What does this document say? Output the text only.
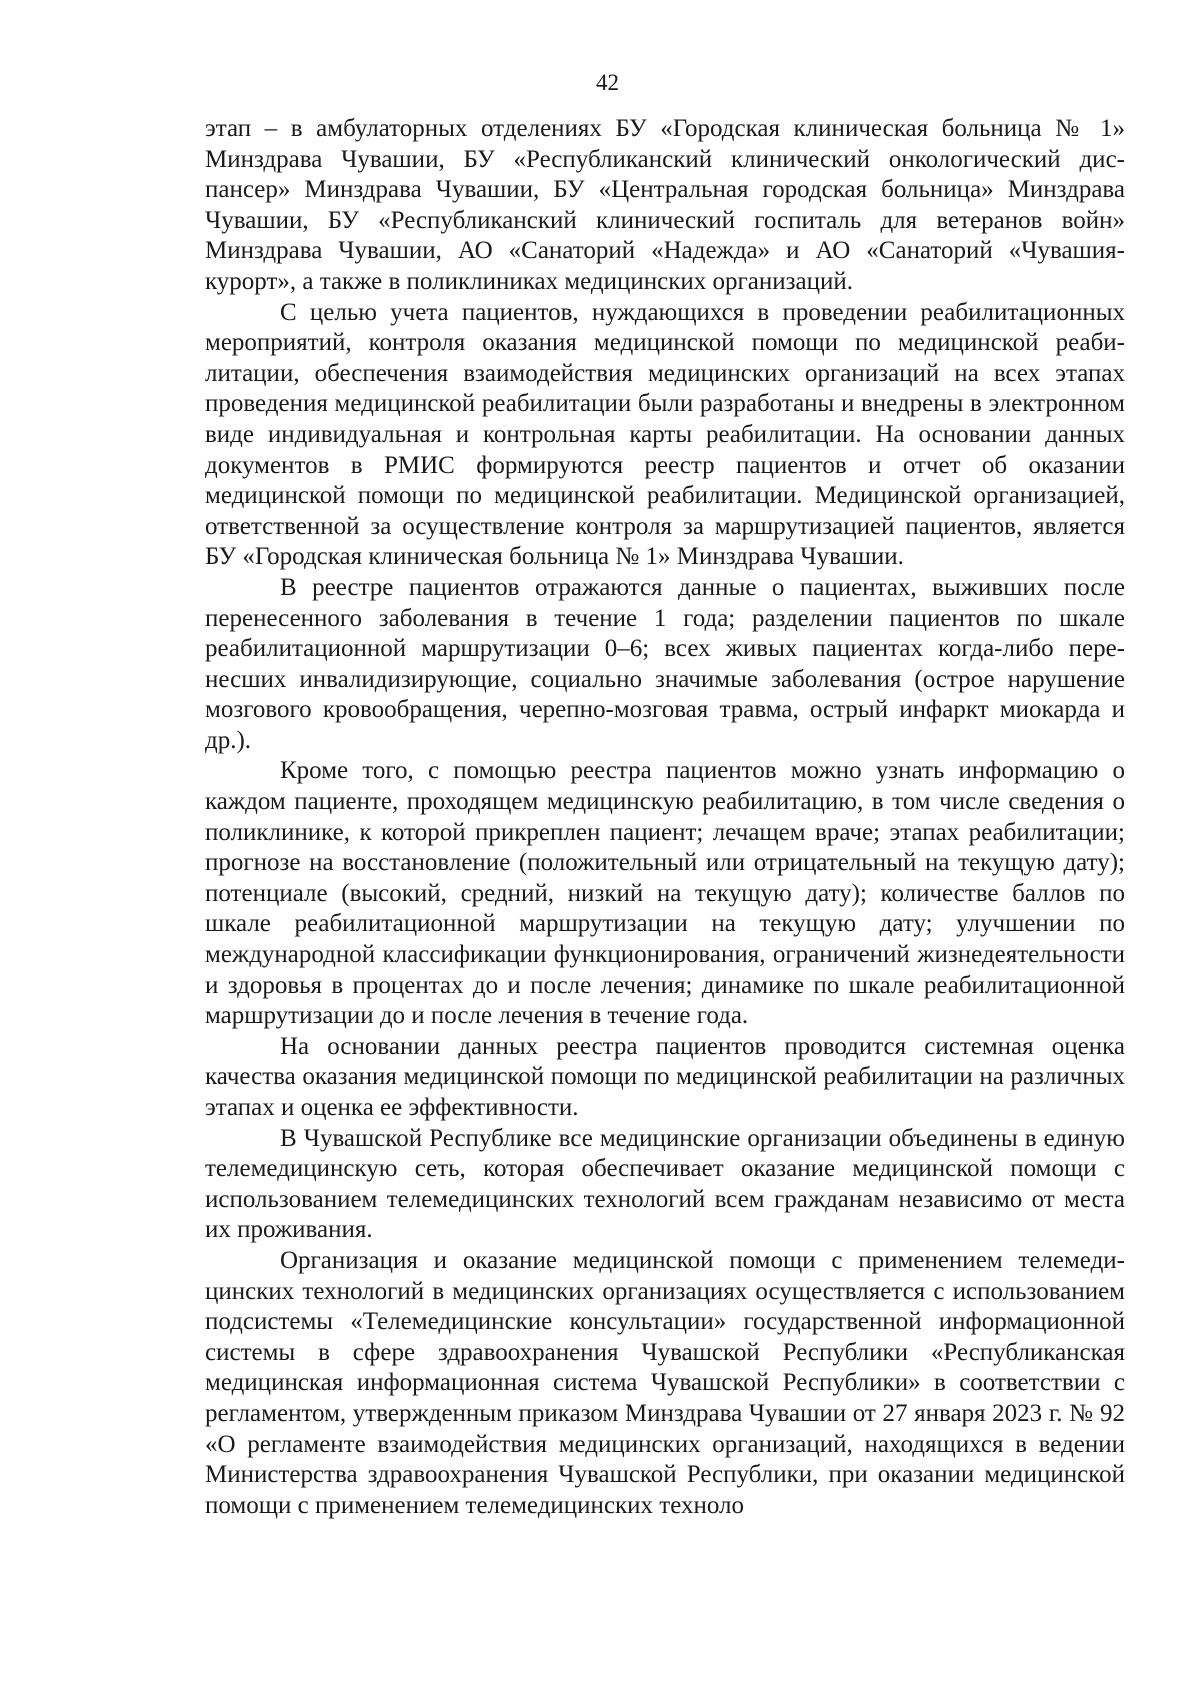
42

этап – в амбулаторных отделениях БУ «Городская клиническая больница № 1» Минздрава Чувашии, БУ «Республиканский клинический онкологический диспансер» Минздрава Чувашии, БУ «Центральная городская больница» Минздрава Чувашии, БУ «Республиканский клинический госпиталь для ветеранов войн» Минздрава Чувашии, АО «Санаторий «Надежда» и АО «Санаторий «Чувашиякурорт», а также в поликлиниках медицинских организаций.

С целью учета пациентов, нуждающихся в проведении реабилитационных мероприятий, контроля оказания медицинской помощи по медицинской реабилитации, обеспечения взаимодействия медицинских организаций на всех этапах проведения медицинской реабилитации были разработаны и внедрены в электронном виде индивидуальная и контрольная карты реабилитации. На основании данных документов в РМИС формируются реестр пациентов и отчет об оказании медицинской помощи по медицинской реабилитации. Медицинской организацией, ответственной за осуществление контроля за маршрутизацией пациентов, является БУ «Городская клиническая больница № 1» Минздрава Чувашии.

В реестре пациентов отражаются данные о пациентах, выживших после перенесенного заболевания в течение 1 года; разделении пациентов по шкале реабилитационной маршрутизации 0–6; всех живых пациентах когда-либо перенесших инвалидизирующие, социально значимые заболевания (острое нарушение мозгового кровообращения, черепно-мозговая травма, острый инфаркт миокарда и др.).

Кроме того, с помощью реестра пациентов можно узнать информацию о каждом пациенте, проходящем медицинскую реабилитацию, в том числе сведения о поликлинике, к которой прикреплен пациент; лечащем враче; этапах реабилитации; прогнозе на восстановление (положительный или отрицательный на текущую дату); потенциале (высокий, средний, низкий на текущую дату); количестве баллов по шкале реабилитационной маршрутизации на текущую дату; улучшении по международной классификации функционирования, ограничений жизнедеятельности и здоровья в процентах до и после лечения; динамике по шкале реабилитационной маршрутизации до и после лечения в течение года.

На основании данных реестра пациентов проводится системная оценка качества оказания медицинской помощи по медицинской реабилитации на различных этапах и оценка ее эффективности.

В Чувашской Республике все медицинские организации объединены в единую телемедицинскую сеть, которая обеспечивает оказание медицинской помощи с использованием телемедицинских технологий всем гражданам независимо от места их проживания.

Организация и оказание медицинской помощи с применением телемедицинских технологий в медицинских организациях осуществляется с использованием подсистемы «Телемедицинские консультации» государственной информационной системы в сфере здравоохранения Чувашской Республики «Республиканская медицинская информационная система Чувашской Республики» в соответствии с регламентом, утвержденным приказом Минздрава Чувашии от 27 января 2023 г. № 92 «О регламенте взаимодействия медицинских организаций, находящихся в ведении Министерства здравоохранения Чувашской Республики, при оказании медицинской помощи с применением телемедицинских техноло
